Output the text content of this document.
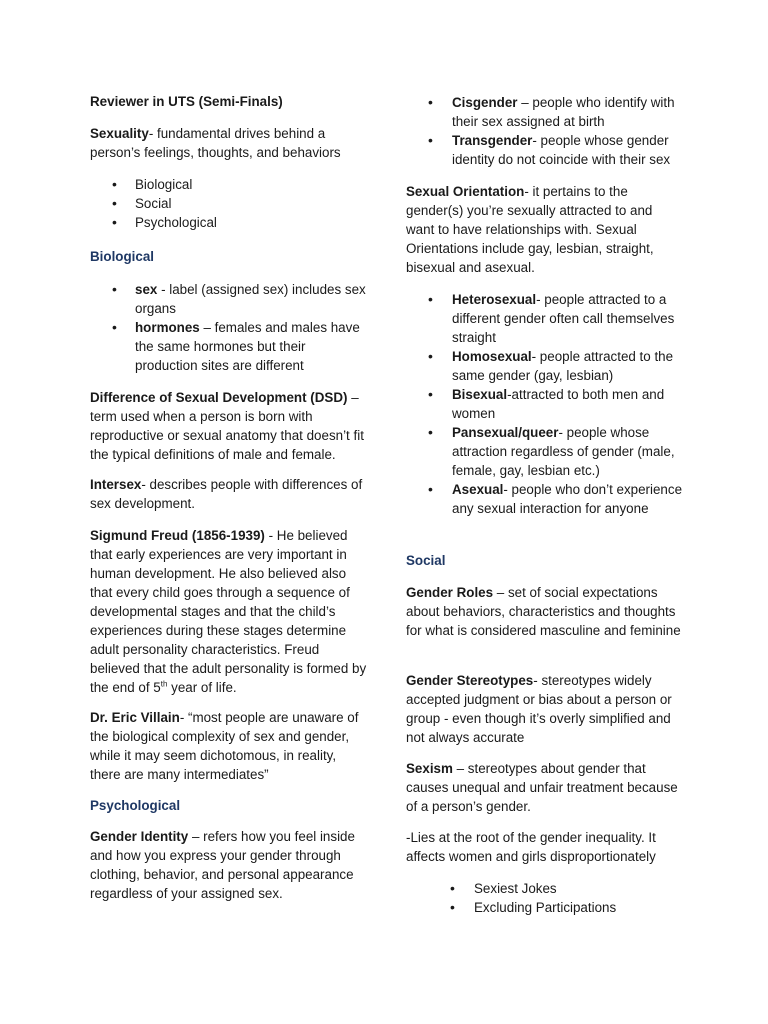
Reviewer in UTS (Semi-Finals)

Sexuality- fundamental drives behind a person’s feelings, thoughts, and behaviors

• Biological
• Social
• Psychological

Biological

• sex - label (assigned sex) includes sex organs
• hormones – females and males have the same hormones but their production sites are different

Difference of Sexual Development (DSD) – term used when a person is born with reproductive or sexual anatomy that doesn’t fit the typical definitions of male and female.

Intersex- describes people with differences of sex development.

Sigmund Freud (1856-1939) - He believed that early experiences are very important in human development. He also believed also that every child goes through a sequence of developmental stages and that the child’s experiences during these stages determine adult personality characteristics. Freud believed that the adult personality is formed by the end of 5th year of life.

Dr. Eric Villain- “most people are unaware of the biological complexity of sex and gender, while it may seem dichotomous, in reality, there are many intermediates”

Psychological

Gender Identity – refers how you feel inside and how you express your gender through clothing, behavior, and personal appearance regardless of your assigned sex.

• Cisgender – people who identify with their sex assigned at birth
• Transgender- people whose gender identity do not coincide with their sex

Sexual Orientation- it pertains to the gender(s) you’re sexually attracted to and want to have relationships with. Sexual Orientations include gay, lesbian, straight, bisexual and asexual.

• Heterosexual- people attracted to a different gender often call themselves straight
• Homosexual- people attracted to the same gender (gay, lesbian)
• Bisexual-attracted to both men and women
• Pansexual/queer- people whose attraction regardless of gender (male, female, gay, lesbian etc.)
• Asexual- people who don’t experience any sexual interaction for anyone

Social

Gender Roles – set of social expectations about behaviors, characteristics and thoughts for what is considered masculine and feminine

Gender Stereotypes- stereotypes widely accepted judgment or bias about a person or group - even though it’s overly simplified and not always accurate

Sexism – stereotypes about gender that causes unequal and unfair treatment because of a person’s gender.

-Lies at the root of the gender inequality. It affects women and girls disproportionately

• Sexiest Jokes
• Excluding Participations
